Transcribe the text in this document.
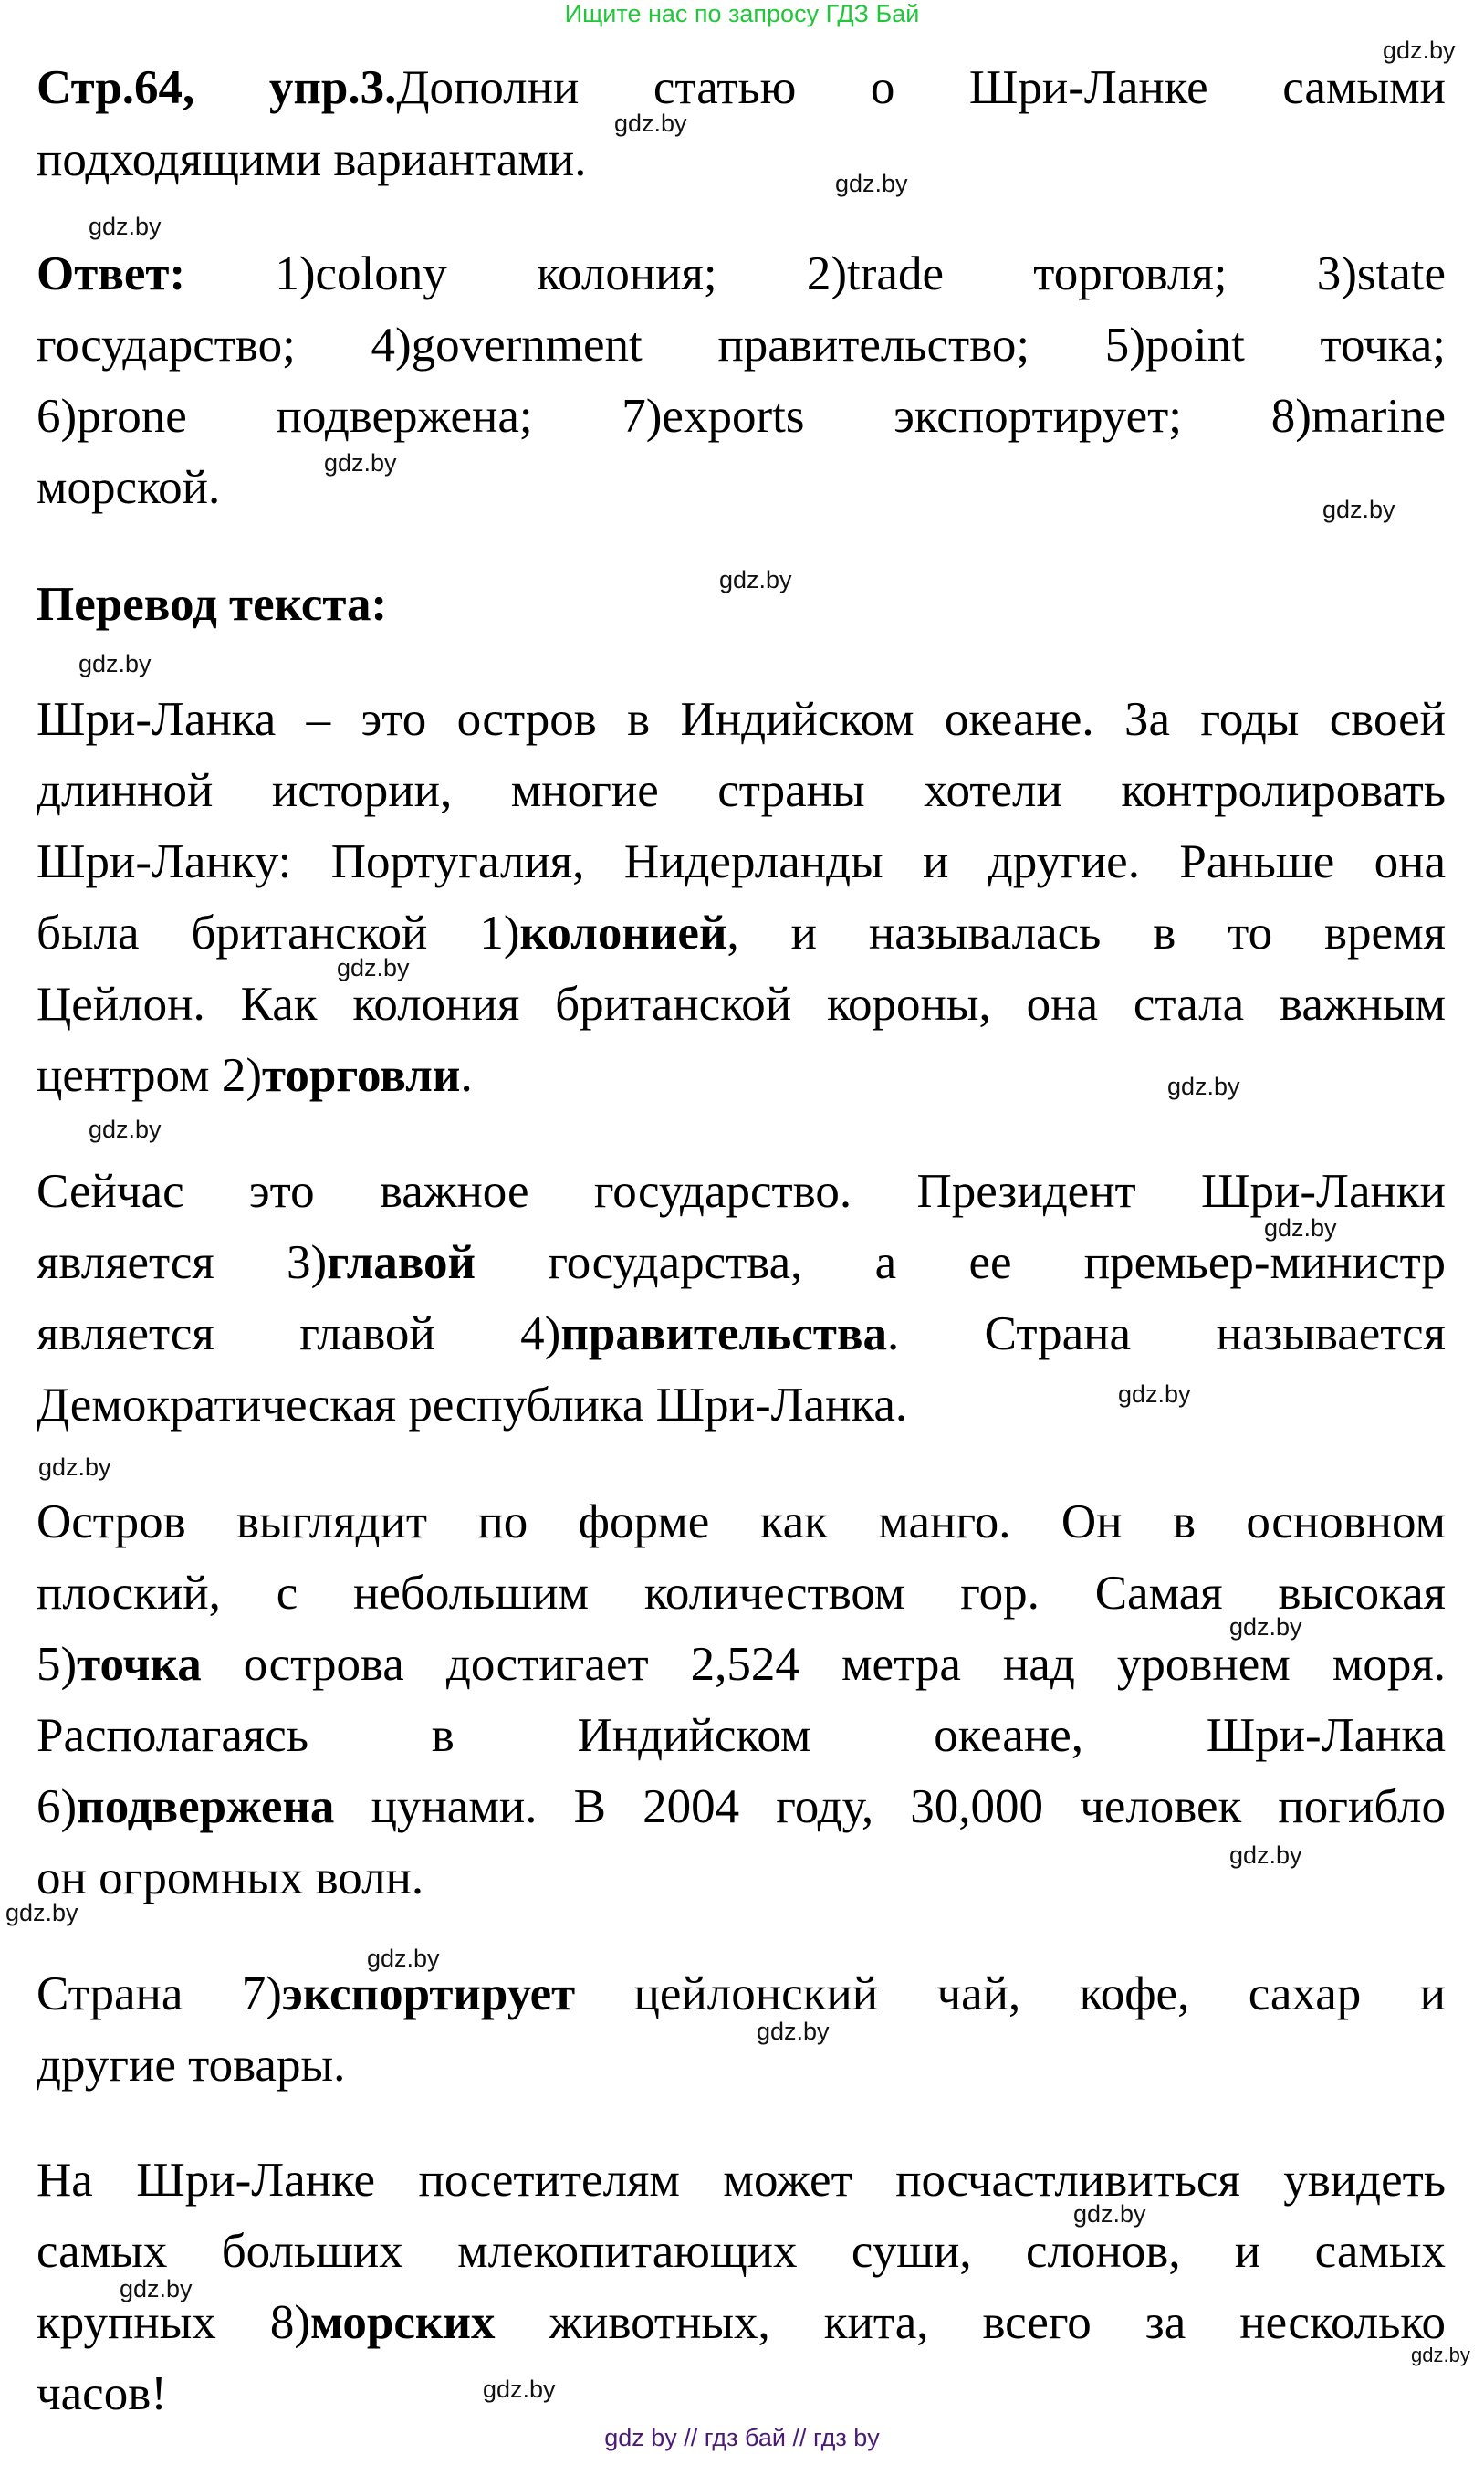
Ищите нас по запросу ГДЗ Бай
Стр.64, упр.3.Дополни статью о Шри-Ланке самыми
подходящими вариантами.
Ответ: 1)colony колония; 2)trade торговля; 3)state
государство; 4)government правительство; 5)point точка;
6)prone подвержена; 7)exports экспортирует; 8)marine
морской.
Перевод текста:
Шри-Ланка – это остров в Индийском океане. За годы своей
длинной истории, многие страны хотели контролировать
Шри-Ланку: Португалия, Нидерланды и другие. Раньше она
была британской 1)колонией, и называлась в то время
Цейлон. Как колония британской короны, она стала важным
центром 2)торговли.
Сейчас это важное государство. Президент Шри-Ланки
является 3)главой государства, а ее премьер-министр
является главой 4)правительства. Страна называется
Демократическая республика Шри-Ланка.
Остров выглядит по форме как манго. Он в основном
плоский, с небольшим количеством гор. Самая высокая
5)точка острова достигает 2,524 метра над уровнем моря.
Располагаясь в Индийском океане, Шри-Ланка
6)подвержена цунами. В 2004 году, 30,000 человек погибло
он огромных волн.
Страна 7)экспортирует цейлонский чай, кофе, сахар и
другие товары.
На Шри-Ланке посетителям может посчастливиться увидеть
самых больших млекопитающих суши, слонов, и самых
крупных 8)морских животных, кита, всего за несколько
часов!
gdz.by
gdz.by
gdz.by
gdz.by
gdz.by
gdz.by
gdz.by
gdz.by
gdz.by
gdz.by
gdz.by
gdz.by
gdz.by
gdz.by
gdz.by
gdz.by
gdz.by
gdz.by
gdz.by
gdz.by
gdz.by
gdz.by
gdz.by
gdz by // гдз бай // гдз by
